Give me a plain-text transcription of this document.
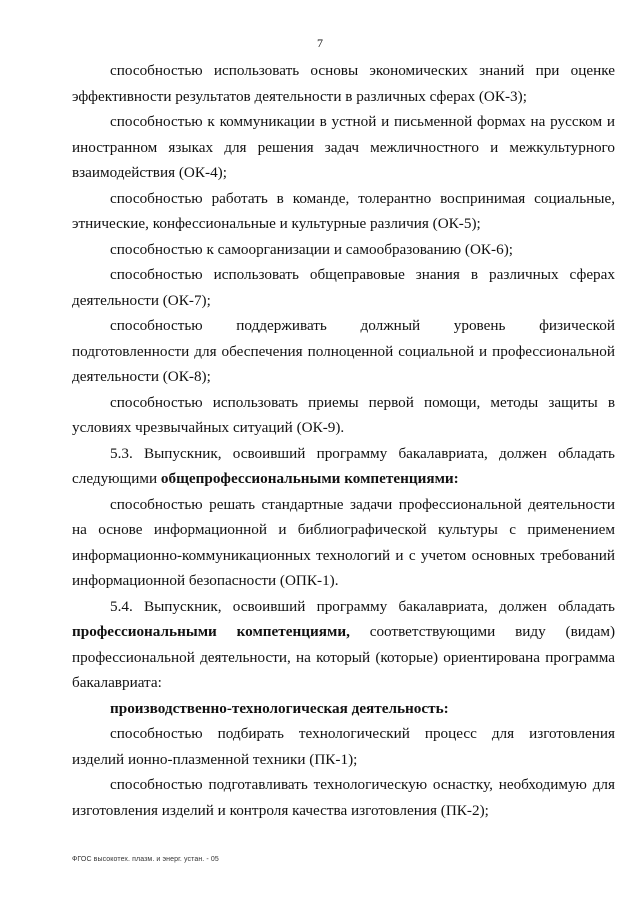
7

способностью использовать основы экономических знаний при оценке эффективности результатов деятельности в различных сферах (ОК-3);

способностью к коммуникации в устной и письменной формах на русском и иностранном языках для решения задач межличностного и межкультурного взаимодействия (ОК-4);

способностью работать в команде, толерантно воспринимая социальные, этнические, конфессиональные и культурные различия (ОК-5);

способностью к самоорганизации и самообразованию (ОК-6);

способностью использовать общеправовые знания в различных сферах деятельности (ОК-7);

способностью поддерживать должный уровень физической подготовленности для обеспечения полноценной социальной и профессиональной деятельности (ОК-8);

способностью использовать приемы первой помощи, методы защиты в условиях чрезвычайных ситуаций (ОК-9).

5.3. Выпускник, освоивший программу бакалавриата, должен обладать следующими общепрофессиональными компетенциями:

способностью решать стандартные задачи профессиональной деятельности на основе информационной и библиографической культуры с применением информационно-коммуникационных технологий и с учетом основных требований информационной безопасности (ОПК-1).

5.4. Выпускник, освоивший программу бакалавриата, должен обладать профессиональными компетенциями, соответствующими виду (видам) профессиональной деятельности, на который (которые) ориентирована программа бакалавриата:

производственно-технологическая деятельность:

способностью подбирать технологический процесс для изготовления изделий ионно-плазменной техники (ПК-1);

способностью подготавливать технологическую оснастку, необходимую для изготовления изделий и контроля качества изготовления (ПК-2);

ФГОС высокотех. плазм. и энерг. устан. - 05
